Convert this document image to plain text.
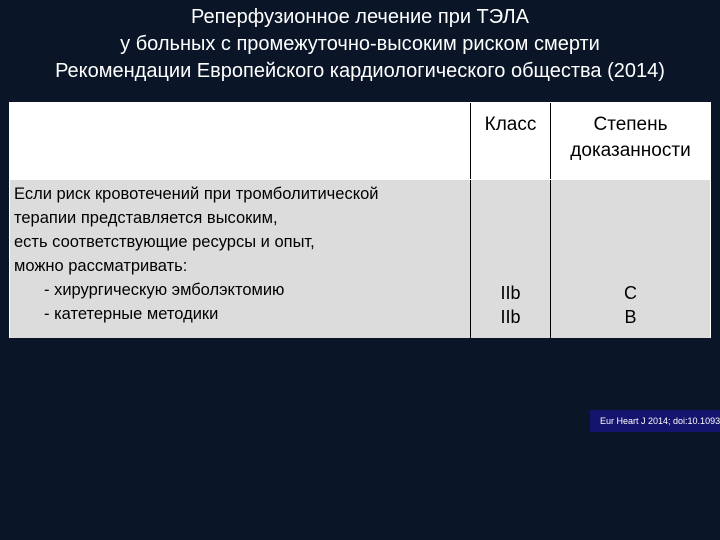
Реперфузионное лечение при ТЭЛА
у больных с промежуточно-высоким риском смерти
Рекомендации Европейского кардиологического общества (2014)
Класс	Степень
доказанности
Если риск кровотечений при тромболитической
терапии представляется высоким,
есть соответствующие ресурсы и опыт,
можно рассматривать:
- хирургическую эмболэктомию
- катетерные методики
IIb
IIb
C
B
Eur Heart J 2014; doi:10.1093
